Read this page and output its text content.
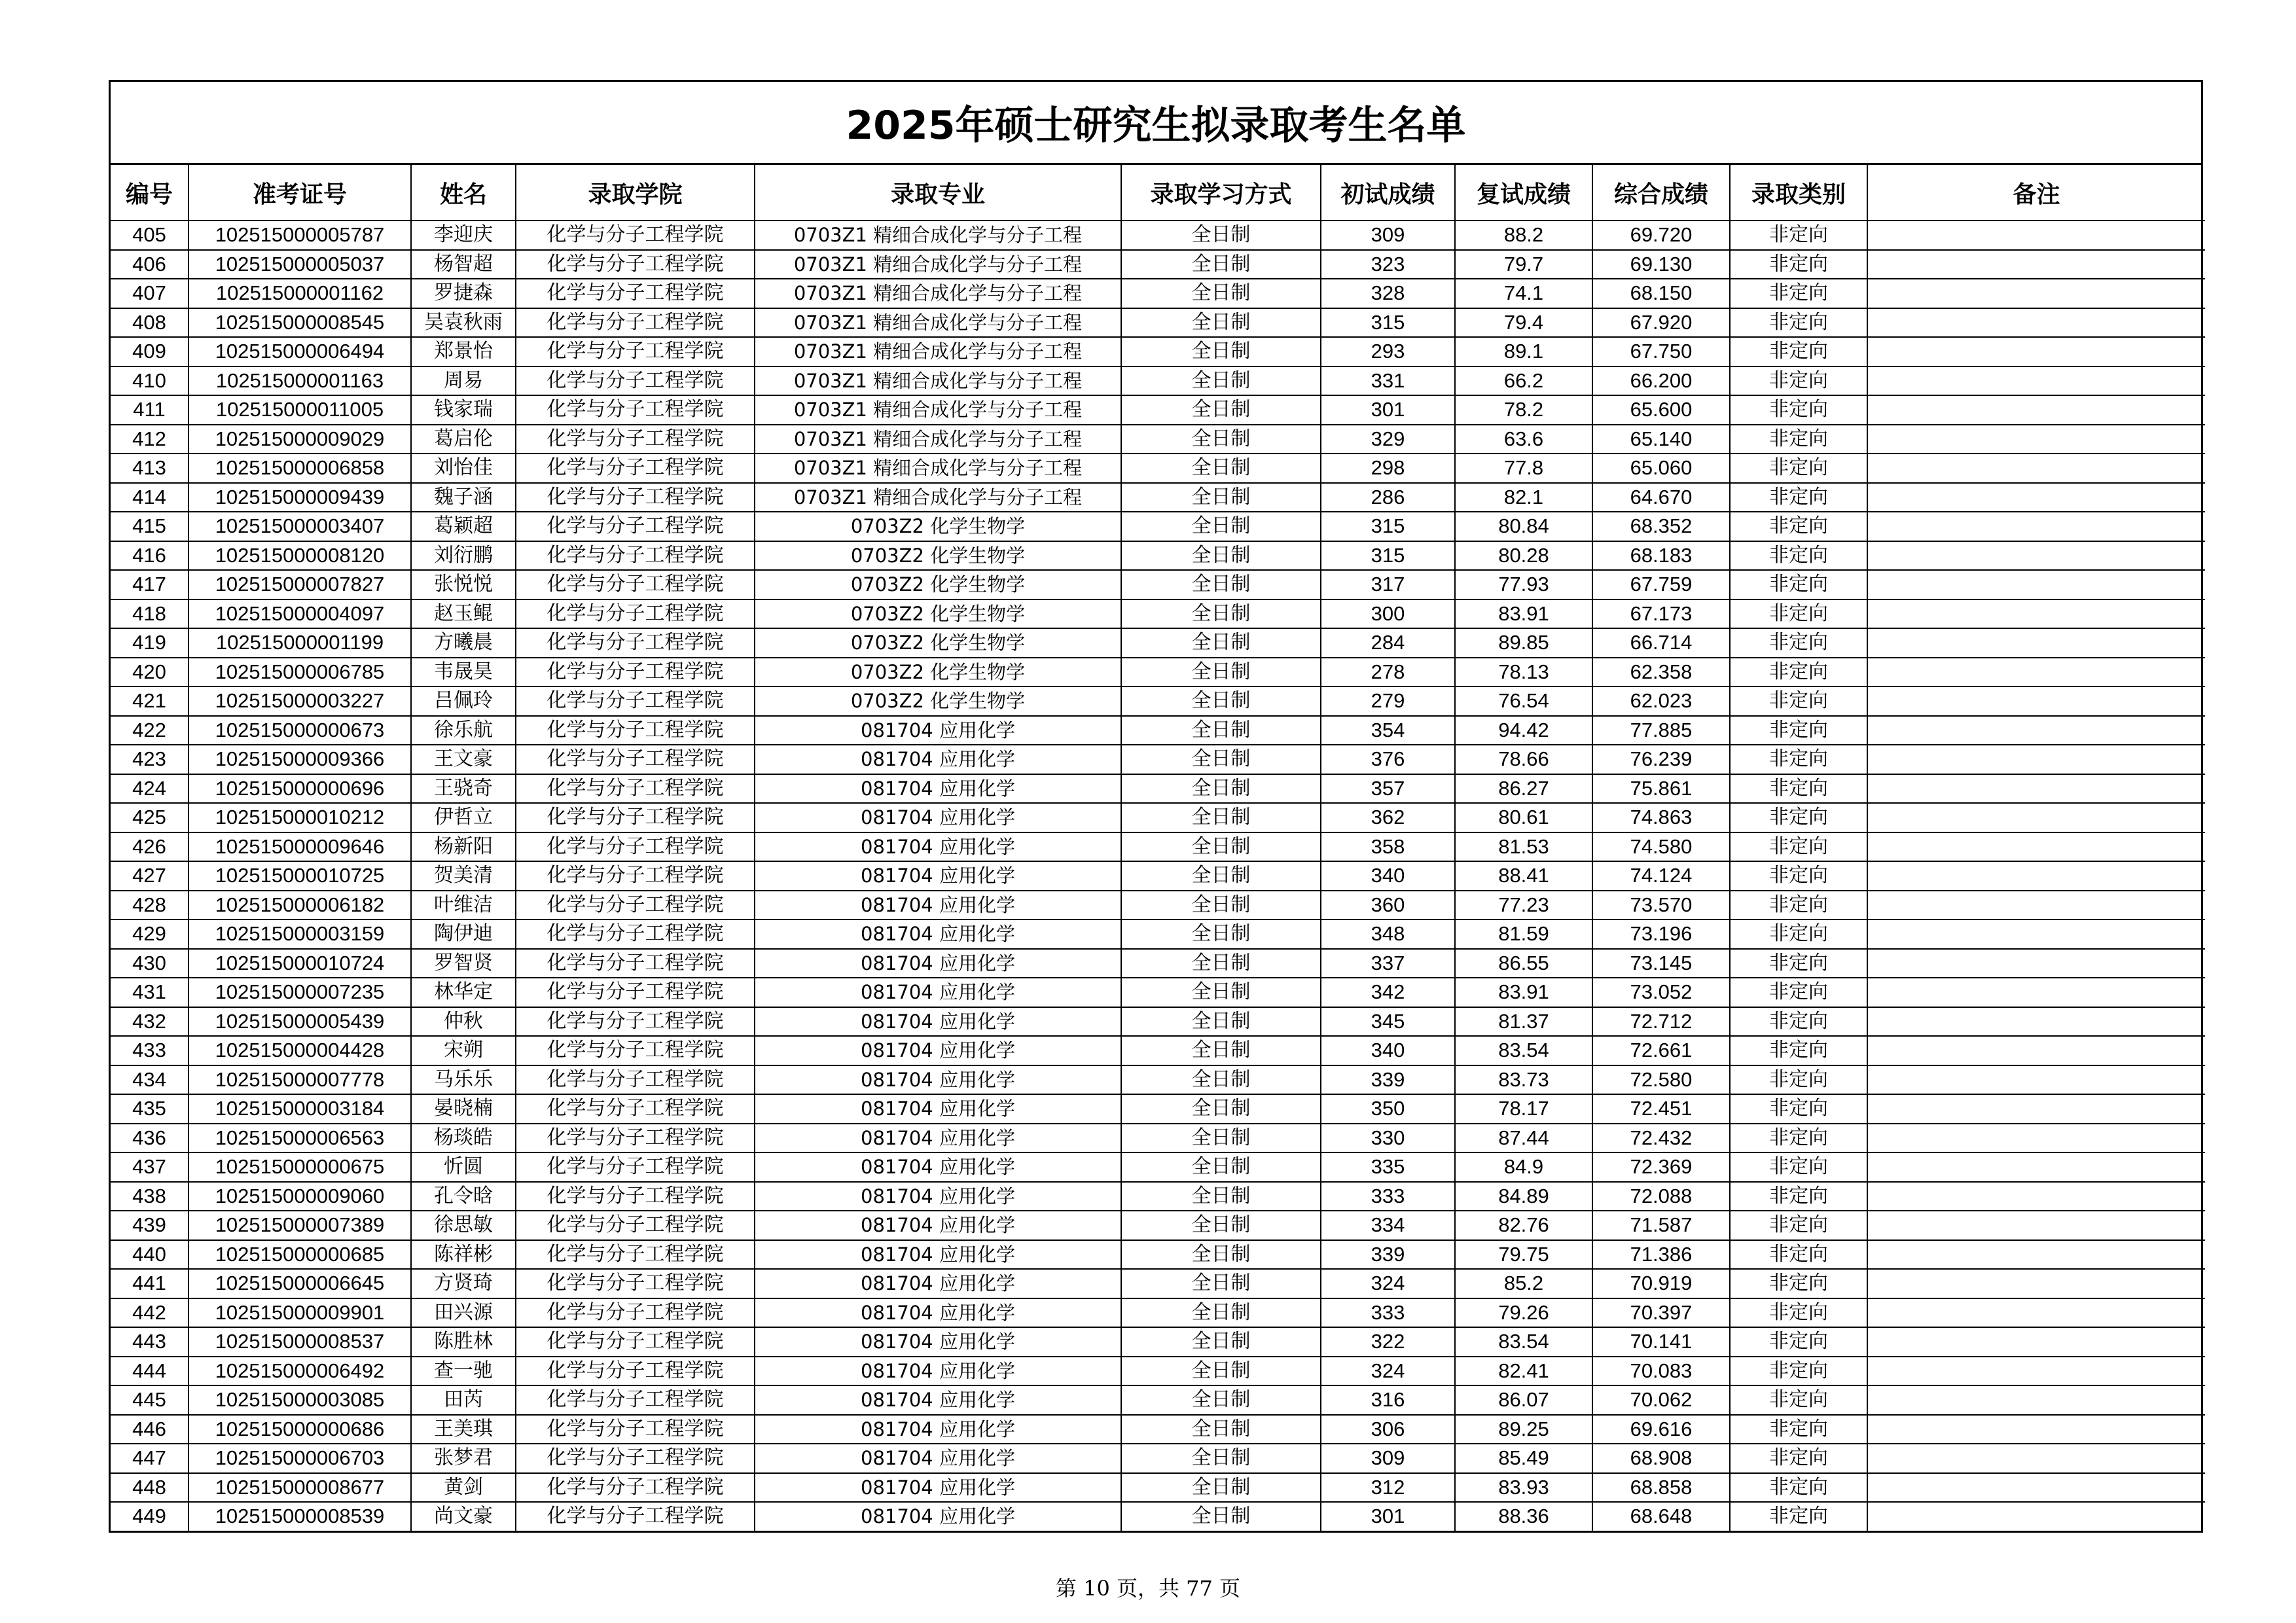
2025年硕士研究生拟录取考生名单
编号	准考证号	姓名	录取学院	录取专业	录取学习方式	初试成绩	复试成绩	综合成绩	录取类别	备注
405	102515000005787	李迎庆	化学与分子工程学院	0703Z1 精细合成化学与分子工程	全日制	309	88.2	69.720	非定向	
406	102515000005037	杨智超	化学与分子工程学院	0703Z1 精细合成化学与分子工程	全日制	323	79.7	69.130	非定向	
407	102515000001162	罗捷森	化学与分子工程学院	0703Z1 精细合成化学与分子工程	全日制	328	74.1	68.150	非定向	
408	102515000008545	吴袁秋雨	化学与分子工程学院	0703Z1 精细合成化学与分子工程	全日制	315	79.4	67.920	非定向	
409	102515000006494	郑景怡	化学与分子工程学院	0703Z1 精细合成化学与分子工程	全日制	293	89.1	67.750	非定向	
410	102515000001163	周易	化学与分子工程学院	0703Z1 精细合成化学与分子工程	全日制	331	66.2	66.200	非定向	
411	102515000011005	钱家瑞	化学与分子工程学院	0703Z1 精细合成化学与分子工程	全日制	301	78.2	65.600	非定向	
412	102515000009029	葛启伦	化学与分子工程学院	0703Z1 精细合成化学与分子工程	全日制	329	63.6	65.140	非定向	
413	102515000006858	刘怡佳	化学与分子工程学院	0703Z1 精细合成化学与分子工程	全日制	298	77.8	65.060	非定向	
414	102515000009439	魏子涵	化学与分子工程学院	0703Z1 精细合成化学与分子工程	全日制	286	82.1	64.670	非定向	
415	102515000003407	葛颖超	化学与分子工程学院	0703Z2 化学生物学	全日制	315	80.84	68.352	非定向	
416	102515000008120	刘衍鹏	化学与分子工程学院	0703Z2 化学生物学	全日制	315	80.28	68.183	非定向	
417	102515000007827	张悦悦	化学与分子工程学院	0703Z2 化学生物学	全日制	317	77.93	67.759	非定向	
418	102515000004097	赵玉鲲	化学与分子工程学院	0703Z2 化学生物学	全日制	300	83.91	67.173	非定向	
419	102515000001199	方曦晨	化学与分子工程学院	0703Z2 化学生物学	全日制	284	89.85	66.714	非定向	
420	102515000006785	韦晟昊	化学与分子工程学院	0703Z2 化学生物学	全日制	278	78.13	62.358	非定向	
421	102515000003227	吕佩玲	化学与分子工程学院	0703Z2 化学生物学	全日制	279	76.54	62.023	非定向	
422	102515000000673	徐乐航	化学与分子工程学院	081704 应用化学	全日制	354	94.42	77.885	非定向	
423	102515000009366	王文豪	化学与分子工程学院	081704 应用化学	全日制	376	78.66	76.239	非定向	
424	102515000000696	王骁奇	化学与分子工程学院	081704 应用化学	全日制	357	86.27	75.861	非定向	
425	102515000010212	伊哲立	化学与分子工程学院	081704 应用化学	全日制	362	80.61	74.863	非定向	
426	102515000009646	杨新阳	化学与分子工程学院	081704 应用化学	全日制	358	81.53	74.580	非定向	
427	102515000010725	贺美清	化学与分子工程学院	081704 应用化学	全日制	340	88.41	74.124	非定向	
428	102515000006182	叶维洁	化学与分子工程学院	081704 应用化学	全日制	360	77.23	73.570	非定向	
429	102515000003159	陶伊迪	化学与分子工程学院	081704 应用化学	全日制	348	81.59	73.196	非定向	
430	102515000010724	罗智贤	化学与分子工程学院	081704 应用化学	全日制	337	86.55	73.145	非定向	
431	102515000007235	林华定	化学与分子工程学院	081704 应用化学	全日制	342	83.91	73.052	非定向	
432	102515000005439	仲秋	化学与分子工程学院	081704 应用化学	全日制	345	81.37	72.712	非定向	
433	102515000004428	宋朔	化学与分子工程学院	081704 应用化学	全日制	340	83.54	72.661	非定向	
434	102515000007778	马乐乐	化学与分子工程学院	081704 应用化学	全日制	339	83.73	72.580	非定向	
435	102515000003184	晏晓楠	化学与分子工程学院	081704 应用化学	全日制	350	78.17	72.451	非定向	
436	102515000006563	杨琰皓	化学与分子工程学院	081704 应用化学	全日制	330	87.44	72.432	非定向	
437	102515000000675	忻圆	化学与分子工程学院	081704 应用化学	全日制	335	84.9	72.369	非定向	
438	102515000009060	孔令晗	化学与分子工程学院	081704 应用化学	全日制	333	84.89	72.088	非定向	
439	102515000007389	徐思敏	化学与分子工程学院	081704 应用化学	全日制	334	82.76	71.587	非定向	
440	102515000000685	陈祥彬	化学与分子工程学院	081704 应用化学	全日制	339	79.75	71.386	非定向	
441	102515000006645	方贤琦	化学与分子工程学院	081704 应用化学	全日制	324	85.2	70.919	非定向	
442	102515000009901	田兴源	化学与分子工程学院	081704 应用化学	全日制	333	79.26	70.397	非定向	
443	102515000008537	陈胜林	化学与分子工程学院	081704 应用化学	全日制	322	83.54	70.141	非定向	
444	102515000006492	查一驰	化学与分子工程学院	081704 应用化学	全日制	324	82.41	70.083	非定向	
445	102515000003085	田芮	化学与分子工程学院	081704 应用化学	全日制	316	86.07	70.062	非定向	
446	102515000000686	王美琪	化学与分子工程学院	081704 应用化学	全日制	306	89.25	69.616	非定向	
447	102515000006703	张梦君	化学与分子工程学院	081704 应用化学	全日制	309	85.49	68.908	非定向	
448	102515000008677	黄剑	化学与分子工程学院	081704 应用化学	全日制	312	83.93	68.858	非定向	
449	102515000008539	尚文豪	化学与分子工程学院	081704 应用化学	全日制	301	88.36	68.648	非定向	
第 10 页，共 77 页
